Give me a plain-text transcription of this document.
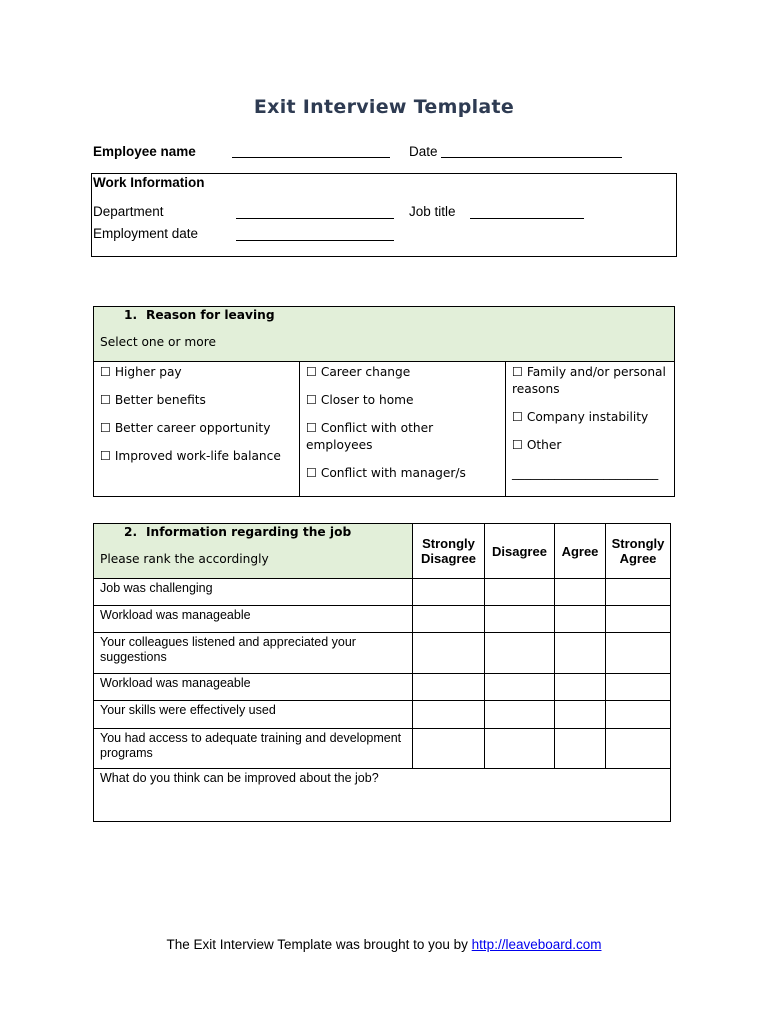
Exit Interview Template
Employee name	Date
Work Information
Department	Job title
Employment date
1. Reason for leaving
Select one or more

☐ Higher pay
☐ Better benefits
☐ Better career opportunity
☐ Improved work-life balance

☐ Career change
☐ Closer to home
☐ Conflict with other employees
☐ Conflict with manager/s

☐ Family and/or personal reasons
☐ Company instability
☐ Other
________________________
2. Information regarding the job
Please rank the accordingly	Strongly Disagree	Disagree	Agree	Strongly Agree
Job was challenging				
Workload was manageable				
Your colleagues listened and appreciated your suggestions				
Workload was manageable				
Your skills were effectively used				
You had access to adequate training and development programs				
What do you think can be improved about the job?				
The Exit Interview Template was brought to you by http://leaveboard.com
